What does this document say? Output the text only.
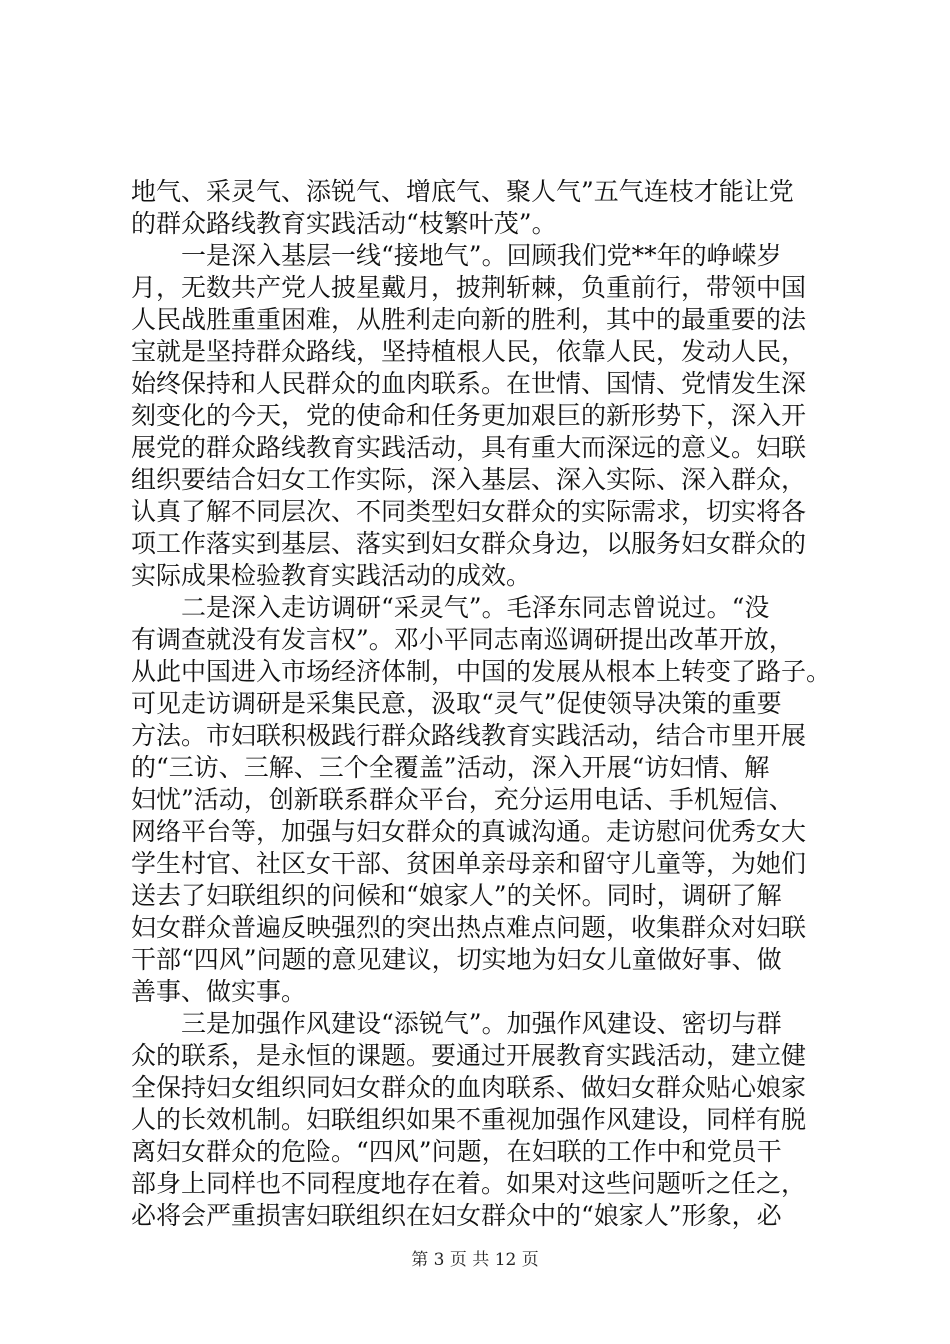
地气、采灵气、添锐气、增底气、聚人气”五气连枝才能让党
的群众路线教育实践活动“枝繁叶茂”。
　　一是深入基层一线“接地气”。回顾我们党**年的峥嵘岁
月，无数共产党人披星戴月，披荆斩棘，负重前行，带领中国
人民战胜重重困难，从胜利走向新的胜利，其中的最重要的法
宝就是坚持群众路线，坚持植根人民，依靠人民，发动人民，
始终保持和人民群众的血肉联系。在世情、国情、党情发生深
刻变化的今天，党的使命和任务更加艰巨的新形势下，深入开
展党的群众路线教育实践活动，具有重大而深远的意义。妇联
组织要结合妇女工作实际，深入基层、深入实际、深入群众，
认真了解不同层次、不同类型妇女群众的实际需求，切实将各
项工作落实到基层、落实到妇女群众身边，以服务妇女群众的
实际成果检验教育实践活动的成效。
　　二是深入走访调研“采灵气”。毛泽东同志曾说过。“没
有调查就没有发言权”。邓小平同志南巡调研提出改革开放，
从此中国进入市场经济体制，中国的发展从根本上转变了路子。
可见走访调研是采集民意，汲取“灵气”促使领导决策的重要
方法。市妇联积极践行群众路线教育实践活动，结合市里开展
的“三访、三解、三个全覆盖”活动，深入开展“访妇情、解
妇忧”活动，创新联系群众平台，充分运用电话、手机短信、
网络平台等，加强与妇女群众的真诚沟通。走访慰问优秀女大
学生村官、社区女干部、贫困单亲母亲和留守儿童等，为她们
送去了妇联组织的问候和“娘家人”的关怀。同时，调研了解
妇女群众普遍反映强烈的突出热点难点问题，收集群众对妇联
干部“四风”问题的意见建议，切实地为妇女儿童做好事、做
善事、做实事。
　　三是加强作风建设“添锐气”。加强作风建设、密切与群
众的联系，是永恒的课题。要通过开展教育实践活动，建立健
全保持妇女组织同妇女群众的血肉联系、做妇女群众贴心娘家
人的长效机制。妇联组织如果不重视加强作风建设，同样有脱
离妇女群众的危险。“四风”问题，在妇联的工作中和党员干
部身上同样也不同程度地存在着。如果对这些问题听之任之，
必将会严重损害妇联组织在妇女群众中的“娘家人”形象，必
第 3 页 共 12 页
